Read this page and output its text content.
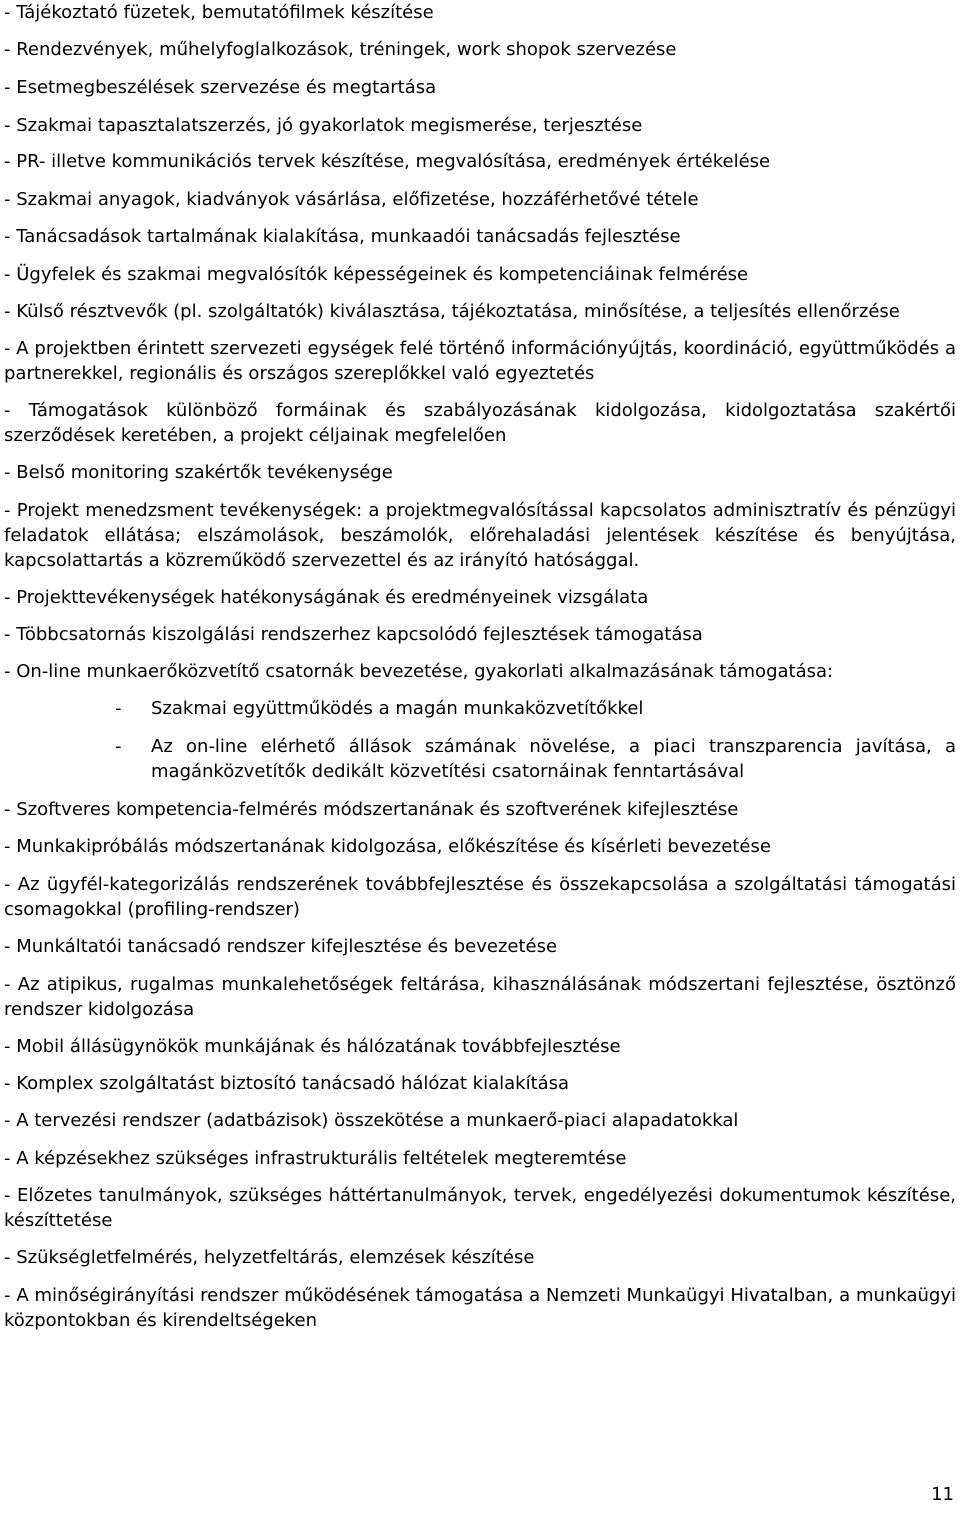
- Tájékoztató füzetek, bemutatófilmek készítése

- Rendezvények, műhelyfoglalkozások, tréningek, work shopok szervezése

- Esetmegbeszélések szervezése és megtartása

- Szakmai tapasztalatszerzés, jó gyakorlatok megismerése, terjesztése

- PR- illetve kommunikációs tervek készítése, megvalósítása, eredmények értékelése

- Szakmai anyagok, kiadványok vásárlása, előfizetése, hozzáférhetővé tétele

- Tanácsadások tartalmának kialakítása, munkaadói tanácsadás fejlesztése

- Ügyfelek és szakmai megvalósítók képességeinek és kompetenciáinak felmérése

- Külső résztvevők (pl. szolgáltatók) kiválasztása, tájékoztatása, minősítése, a teljesítés ellenőrzése

- A projektben érintett szervezeti egységek felé történő információnyújtás, koordináció, együttműködés a partnerekkel, regionális és országos szereplőkkel való egyeztetés

- Támogatások különböző formáinak és szabályozásának kidolgozása, kidolgoztatása szakértői szerződések keretében, a projekt céljainak megfelelően

- Belső monitoring szakértők tevékenysége

- Projekt menedzsment tevékenységek: a projektmegvalósítással kapcsolatos adminisztratív és pénzügyi feladatok ellátása; elszámolások, beszámolók, előrehaladási jelentések készítése és benyújtása, kapcsolattartás a közreműködő szervezettel és az irányító hatósággal.

- Projekttevékenységek hatékonyságának és eredményeinek vizsgálata

- Többcsatornás kiszolgálási rendszerhez kapcsolódó fejlesztések támogatása

- On-line munkaerőközvetítő csatornák bevezetése, gyakorlati alkalmazásának támogatása:

- Szakmai együttműködés a magán munkaközvetítőkkel
- Az on-line elérhető állások számának növelése, a piaci transzparencia javítása, a magánközvetítők dedikált közvetítési csatornáinak fenntartásával

- Szoftveres kompetencia-felmérés módszertanának és szoftverének kifejlesztése

- Munkakipróbálás módszertanának kidolgozása, előkészítése és kísérleti bevezetése

- Az ügyfél-kategorizálás rendszerének továbbfejlesztése és összekapcsolása a szolgáltatási támogatási csomagokkal (profiling-rendszer)

- Munkáltatói tanácsadó rendszer kifejlesztése és bevezetése

- Az atipikus, rugalmas munkalehetőségek feltárása, kihasználásának módszertani fejlesztése, ösztönző rendszer kidolgozása

- Mobil állásügynökök munkájának és hálózatának továbbfejlesztése

- Komplex szolgáltatást biztosító tanácsadó hálózat kialakítása

- A tervezési rendszer (adatbázisok) összekötése a munkaerő-piaci alapadatokkal

- A képzésekhez szükséges infrastrukturális feltételek megteremtése

- Előzetes tanulmányok, szükséges háttértanulmányok, tervek, engedélyezési dokumentumok készítése, készíttetése

- Szükségletfelmérés, helyzetfeltárás, elemzések készítése

- A minőségirányítási rendszer működésének támogatása a Nemzeti Munkaügyi Hivatalban, a munkaügyi központokban és kirendeltségeken

11
